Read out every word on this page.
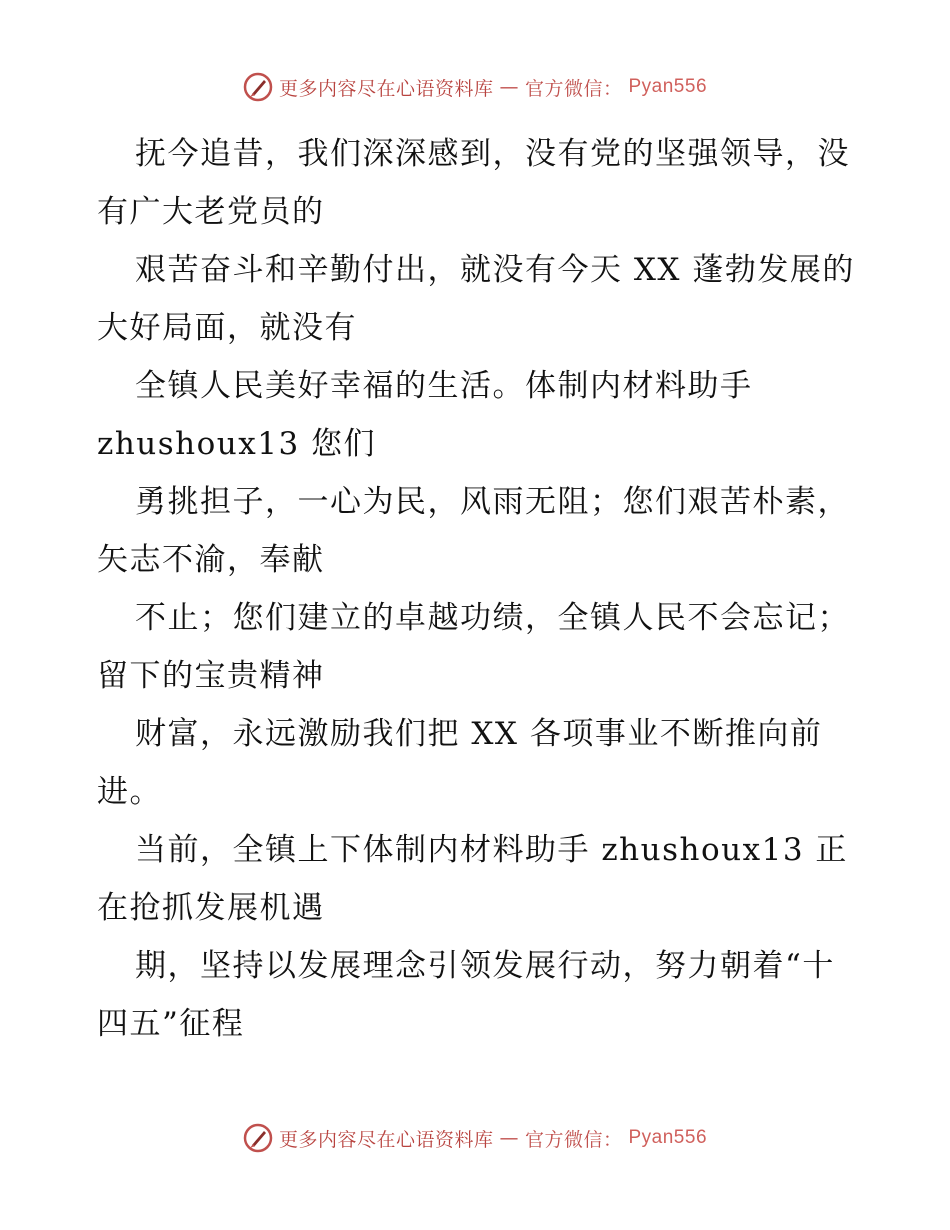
更多内容尽在心语资料库 — 官方微信： Pyan556

抚今追昔，我们深深感到，没有党的坚强领导，没有广大老党员的

艰苦奋斗和辛勤付出，就没有今天 XX 蓬勃发展的大好局面，就没有

全镇人民美好幸福的生活。体制内材料助手 zhushoux13 您们

勇挑担子，一心为民，风雨无阻；您们艰苦朴素，矢志不渝，奉献

不止；您们建立的卓越功绩，全镇人民不会忘记；留下的宝贵精神

财富，永远激励我们把 XX 各项事业不断推向前进。

当前，全镇上下体制内材料助手 zhushoux13 正在抢抓发展机遇

期，坚持以发展理念引领发展行动，努力朝着“十四五”征程

更多内容尽在心语资料库 — 官方微信： Pyan556
